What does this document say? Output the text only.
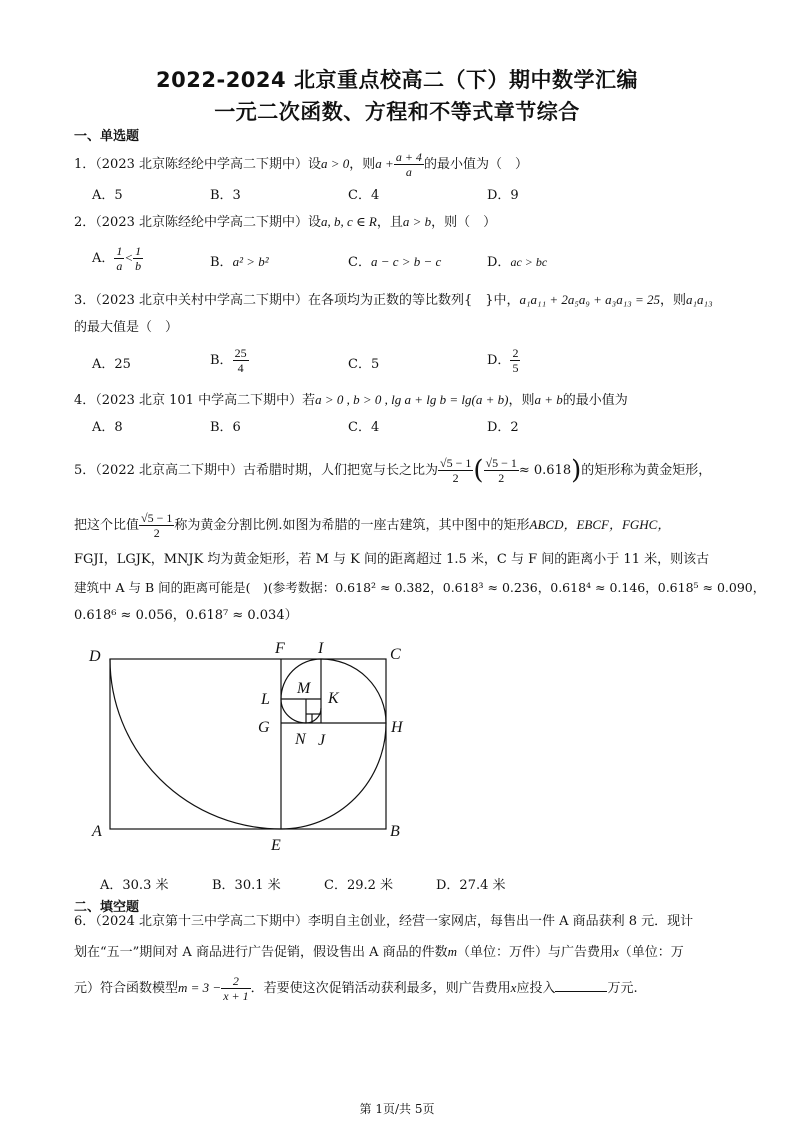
2022-2024 北京重点校高二（下）期中数学汇编
一元二次函数、方程和不等式章节综合
一、单选题
1．（2023 北京陈经纶中学高二下期中）设a > 0，则$a + \frac{a + 4}{a}$ 的最小值为（　）
A．5	B．3	C．4	D．9
2．（2023 北京陈经纶中学高二下期中）设a, b, c ∈ R，且a > b，则（　）
A． $\frac{1}{a} < \frac{1}{b}$	B．a² > b²	C．a − c > b − c	D．ac > bc
3．（2023 北京中关村中学高二下期中）在各项均为正数的等比数列{　}中，a₁a₁₁ + 2a₅a₉ + a₃a₁₃ = 25，则a₁a₁₃
的最大值是（　）
A．25	B． $\frac{25}{4}$	C．5	D． $\frac{2}{5}$
4．（2023 北京 101 中学高二下期中）若a > 0 , b > 0 , lg a + lg b = lg(a + b)，则a + b的最小值为
A．8	B．6	C．4	D．2
5．（2022 北京高二下期中）古希腊时期，人们把宽与长之比为 $\frac{√5 - 1}{2}$ ( $\frac{√5 - 1}{2} \approx 0.618$)的矩形称为黄金矩形，
把这个比值 $\frac{√5 - 1}{2}$ 称为黄金分割比例.如图为希腊的一座古建筑，其中图中的矩形ABCD，EBCF，FGHC，
FGJI，LGJK，MNJK 均为黄金矩形，若 M 与 K 间的距离超过 1.5 米，C 与 F 间的距离小于 11 米，则该古
建筑中 A 与 B 间的距离可能是(　)(参考数据：0.618² ≈ 0.382，0.618³ ≈ 0.236，0.618⁴ ≈ 0.146，0.618⁵ ≈ 0.090，
0.618⁶ ≈ 0.056，0.618⁷ ≈ 0.034）
D	F I	C
L
M
K
G	H
N J
A
E
B
A．30.3 米	B．30.1 米	C．29.2 米	D．27.4 米
二、填空题
6．（2024 北京第十三中学高二下期中）李明自主创业，经营一家网店，每售出一件 A 商品获利 8 元．现计
划在“五一”期间对 A 商品进行广告促销，假设售出 A 商品的件数m（单位：万件）与广告费用x（单位：万
元）符合函数模型$m = 3 - \frac{2}{x + 1}$ ．若要使这次促销活动获利最多，则广告费用x应投入	万元.
第 1页/共 5页
